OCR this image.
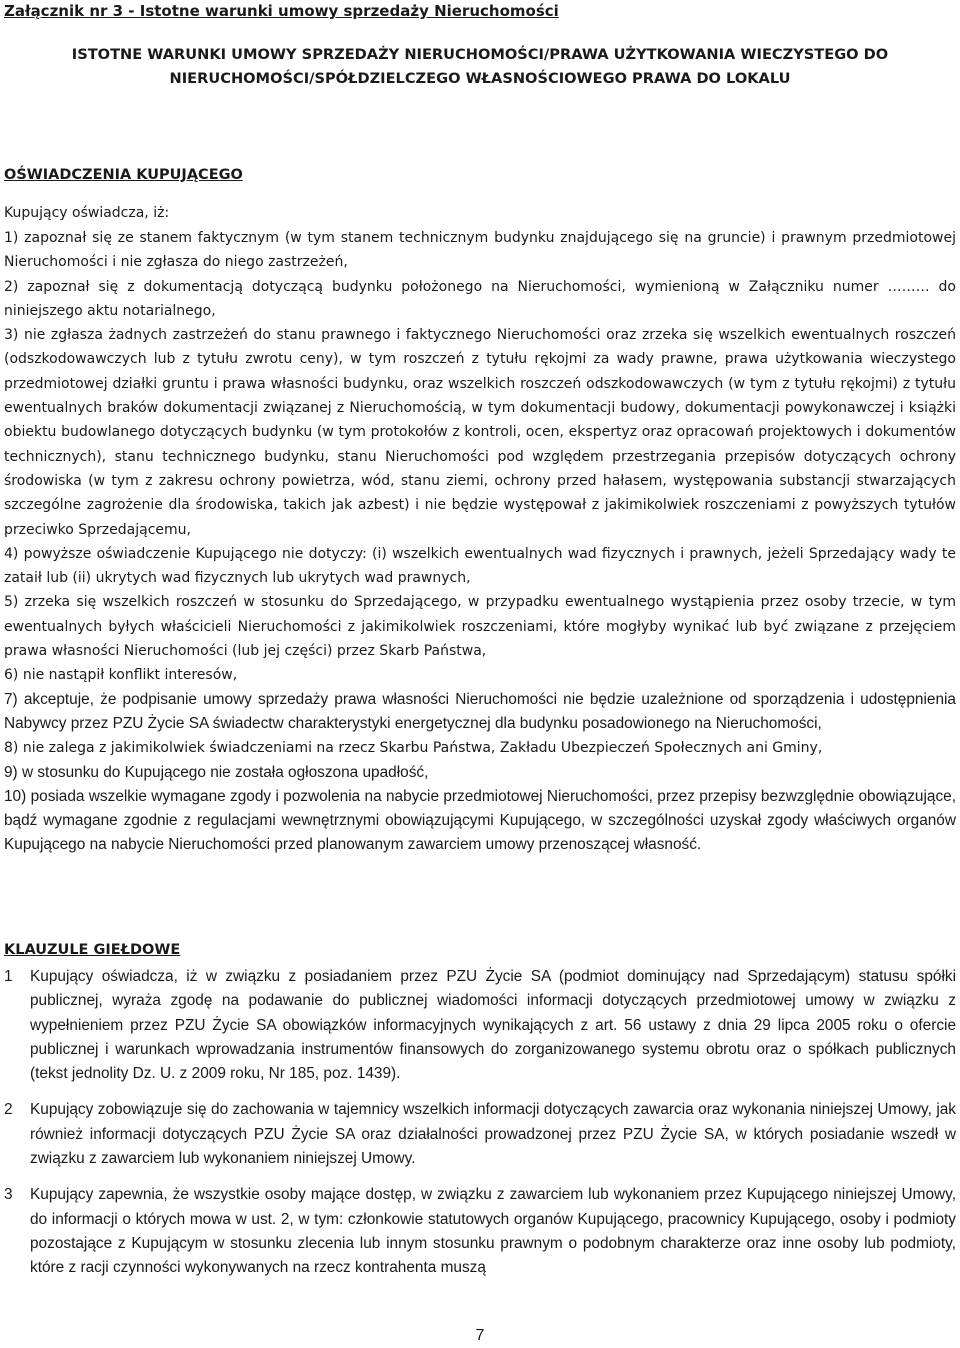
Załącznik nr 3 - Istotne warunki umowy sprzedaży Nieruchomości
ISTOTNE WARUNKI UMOWY SPRZEDAŻY NIERUCHOMOŚCI/PRAWA UŻYTKOWANIA WIECZYSTEGO DO
NIERUCHOMOŚCI/SPÓŁDZIELCZEGO WŁASNOŚCIOWEGO PRAWA DO LOKALU
OŚWIADCZENIA KUPUJĄCEGO
Kupujący oświadcza, iż:

1) zapoznał się ze stanem faktycznym (w tym stanem technicznym budynku znajdującego się na gruncie) i prawnym przedmiotowej Nieruchomości i nie zgłasza do niego zastrzeżeń,

2) zapoznał się z dokumentacją dotyczącą budynku położonego na Nieruchomości, wymienioną w Załączniku numer ……… do niniejszego aktu notarialnego,

3) nie zgłasza żadnych zastrzeżeń do stanu prawnego i faktycznego Nieruchomości oraz zrzeka się wszelkich ewentualnych roszczeń (odszkodowawczych lub z tytułu zwrotu ceny), w tym roszczeń z tytułu rękojmi za wady prawne, prawa użytkowania wieczystego przedmiotowej działki gruntu i prawa własności budynku, oraz wszelkich roszczeń odszkodowawczych (w tym z tytułu rękojmi) z tytułu ewentualnych braków dokumentacji związanej z Nieruchomością, w tym dokumentacji budowy, dokumentacji powykonawczej i książki obiektu budowlanego dotyczących budynku (w tym protokołów z kontroli, ocen, ekspertyz oraz opracowań projektowych i dokumentów technicznych), stanu technicznego budynku, stanu Nieruchomości pod względem przestrzegania przepisów dotyczących ochrony środowiska (w tym z zakresu ochrony powietrza, wód, stanu ziemi, ochrony przed hałasem, występowania substancji stwarzających szczególne zagrożenie dla środowiska, takich jak azbest) i nie będzie występował z jakimikolwiek roszczeniami z powyższych tytułów przeciwko Sprzedającemu,

4) powyższe oświadczenie Kupującego nie dotyczy: (i) wszelkich ewentualnych wad fizycznych i prawnych, jeżeli Sprzedający wady te zataił lub (ii) ukrytych wad fizycznych lub ukrytych wad prawnych,

5) zrzeka się wszelkich roszczeń w stosunku do Sprzedającego, w przypadku ewentualnego wystąpienia przez osoby trzecie, w tym ewentualnych byłych właścicieli Nieruchomości z jakimikolwiek roszczeniami, które mogłyby wynikać lub być związane z przejęciem prawa własności Nieruchomości (lub jej części) przez Skarb Państwa,

6) nie nastąpił konflikt interesów,

7) akceptuje, że podpisanie umowy sprzedaży prawa własności Nieruchomości nie będzie uzależnione od sporządzenia i udostępnienia Nabywcy przez PZU Życie SA świadectw charakterystyki energetycznej dla budynku posadowionego na Nieruchomości,

8) nie zalega z jakimikolwiek świadczeniami na rzecz Skarbu Państwa, Zakładu Ubezpieczeń Społecznych ani Gminy,

9) w stosunku do Kupującego nie została ogłoszona upadłość,

10) posiada wszelkie wymagane zgody i pozwolenia na nabycie przedmiotowej Nieruchomości, przez przepisy bezwzględnie obowiązujące, bądź wymagane zgodnie z regulacjami wewnętrznymi obowiązującymi Kupującego, w szczególności uzyskał zgody właściwych organów Kupującego na nabycie Nieruchomości przed planowanym zawarciem umowy przenoszącej własność.

KLAUZULE GIEŁDOWE
1 Kupujący oświadcza, iż w związku z posiadaniem przez PZU Życie SA (podmiot dominujący nad Sprzedającym) statusu spółki publicznej, wyraża zgodę na podawanie do publicznej wiadomości informacji dotyczących przedmiotowej umowy w związku z wypełnieniem przez PZU Życie SA obowiązków informacyjnych wynikających z art. 56 ustawy z dnia 29 lipca 2005 roku o ofercie publicznej i warunkach wprowadzania instrumentów finansowych do zorganizowanego systemu obrotu oraz o spółkach publicznych (tekst jednolity Dz. U. z 2009 roku, Nr 185, poz. 1439).
2 Kupujący zobowiązuje się do zachowania w tajemnicy wszelkich informacji dotyczących zawarcia oraz wykonania niniejszej Umowy, jak również informacji dotyczących PZU Życie SA oraz działalności prowadzonej przez PZU Życie SA, w których posiadanie wszedł w związku z zawarciem lub wykonaniem niniejszej Umowy.
3 Kupujący zapewnia, że wszystkie osoby mające dostęp, w związku z zawarciem lub wykonaniem przez Kupującego niniejszej Umowy, do informacji o których mowa w ust. 2, w tym: członkowie statutowych organów Kupującego, pracownicy Kupującego, osoby i podmioty pozostające z Kupującym w stosunku zlecenia lub innym stosunku prawnym o podobnym charakterze oraz inne osoby lub podmioty, które z racji czynności wykonywanych na rzecz kontrahenta muszą
7
